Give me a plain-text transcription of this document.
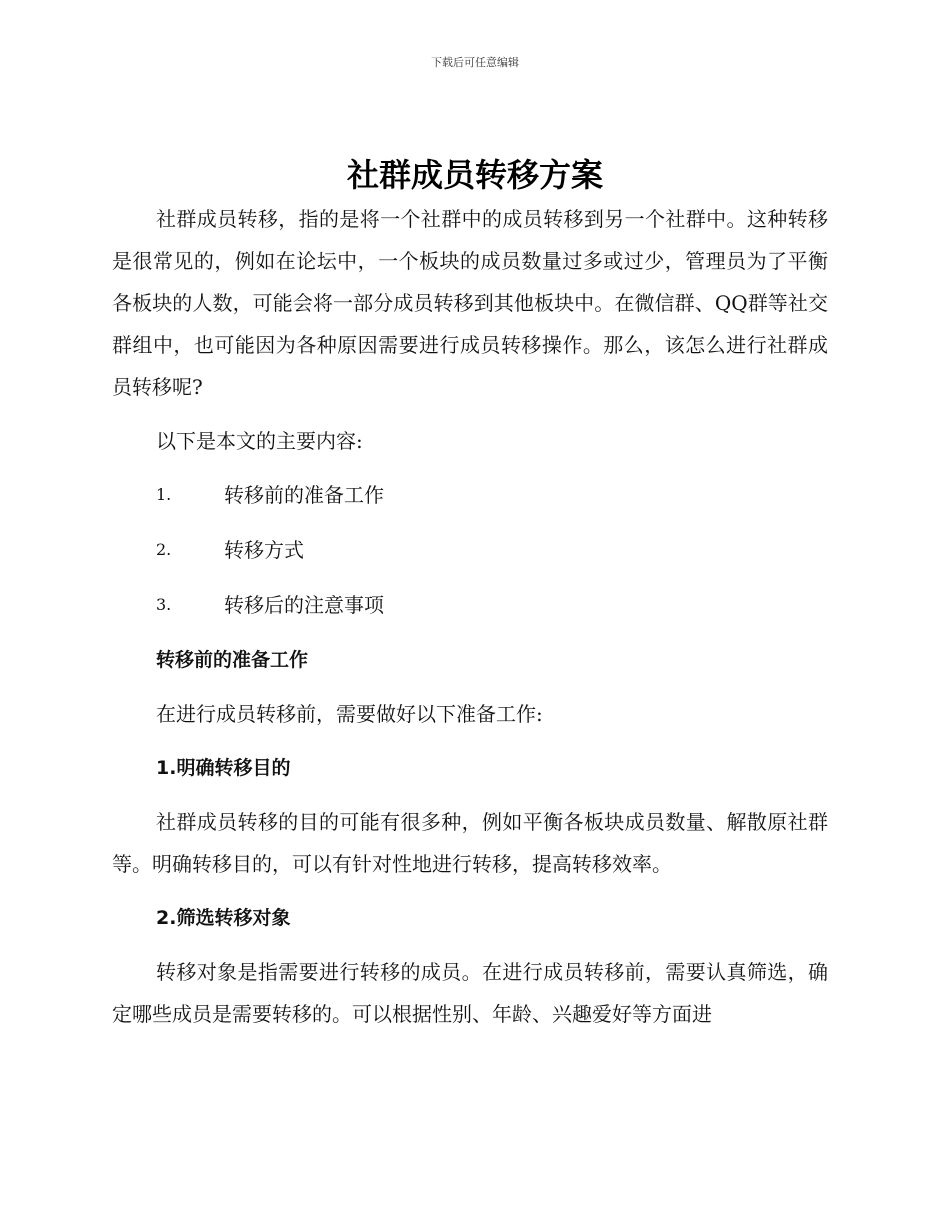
下载后可任意编辑
社群成员转移方案

社群成员转移，指的是将一个社群中的成员转移到另一个社群中。这种转移是很常见的，例如在论坛中，一个板块的成员数量过多或过少，管理员为了平衡各板块的人数，可能会将一部分成员转移到其他板块中。在微信群、QQ群等社交群组中，也可能因为各种原因需要进行成员转移操作。那么，该怎么进行社群成员转移呢?

以下是本文的主要内容:

1.	转移前的准备工作
2.	转移方式
3.	转移后的注意事项
转移前的准备工作

在进行成员转移前，需要做好以下准备工作:

1.明确转移目的

社群成员转移的目的可能有很多种，例如平衡各板块成员数量、解散原社群等。明确转移目的，可以有针对性地进行转移，提高转移效率。

2.筛选转移对象

转移对象是指需要进行转移的成员。在进行成员转移前，需要认真筛选，确定哪些成员是需要转移的。可以根据性别、年龄、兴趣爱好等方面进
